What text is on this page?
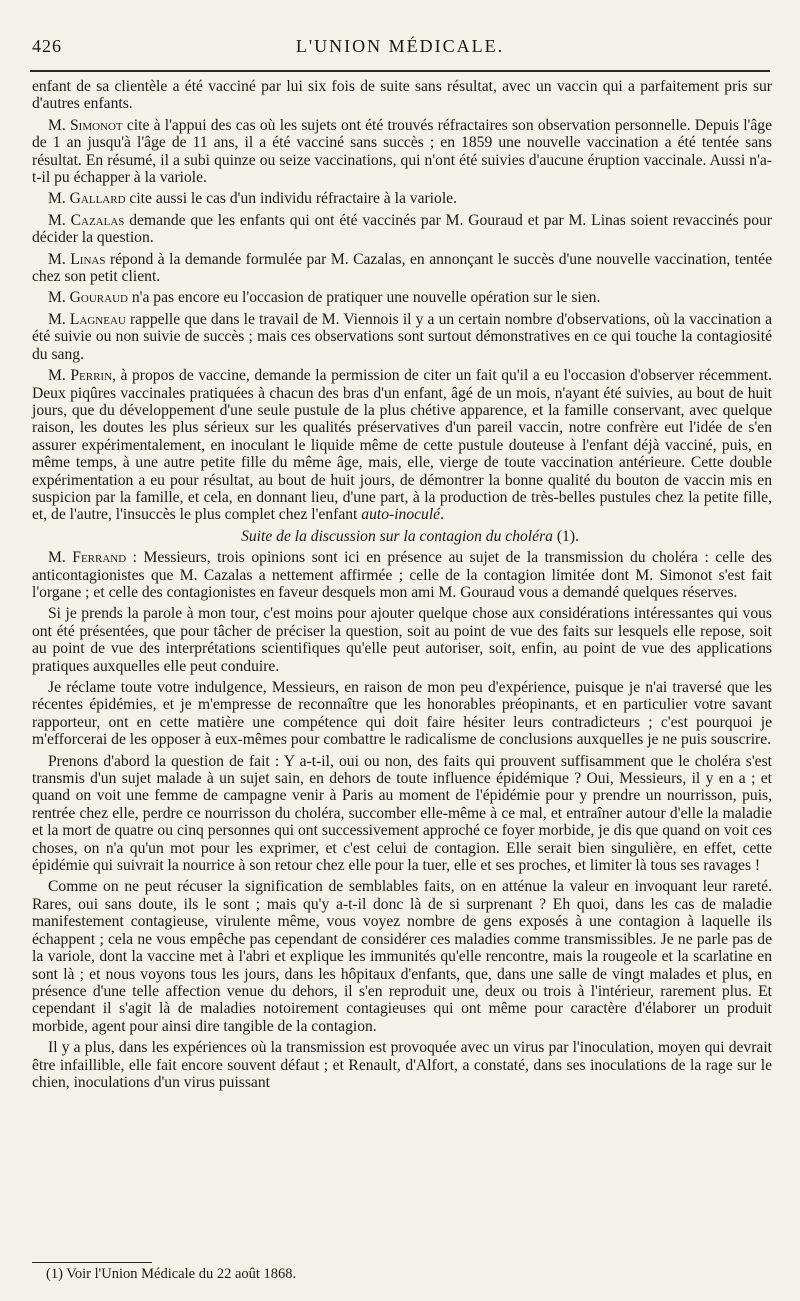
426	L'UNION MÉDICALE.

enfant de sa clientèle a été vacciné par lui six fois de suite sans résultat, avec un vaccin qui a parfaitement pris sur d'autres enfants.

M. Simonot cite à l'appui des cas où les sujets ont été trouvés réfractaires son observation personnelle. Depuis l'âge de 1 an jusqu'à l'âge de 11 ans, il a été vacciné sans succès ; en 1859 une nouvelle vaccination a été tentée sans résultat. En résumé, il a subi quinze ou seize vaccinations, qui n'ont été suivies d'aucune éruption vaccinale. Aussi n'a-t-il pu échapper à la variole.

M. Gallard cite aussi le cas d'un individu réfractaire à la variole.

M. Cazalas demande que les enfants qui ont été vaccinés par M. Gouraud et par M. Linas soient revaccinés pour décider la question.

M. Linas répond à la demande formulée par M. Cazalas, en annonçant le succès d'une nouvelle vaccination, tentée chez son petit client.

M. Gouraud n'a pas encore eu l'occasion de pratiquer une nouvelle opération sur le sien.

M. Lagneau rappelle que dans le travail de M. Viennois il y a un certain nombre d'observations, où la vaccination a été suivie ou non suivie de succès ; mais ces observations sont surtout démonstratives en ce qui touche la contagiosité du sang.

M. Perrin, à propos de vaccine, demande la permission de citer un fait qu'il a eu l'occasion d'observer récemment. Deux piqûres vaccinales pratiquées à chacun des bras d'un enfant, âgé de un mois, n'ayant été suivies, au bout de huit jours, que du développement d'une seule pustule de la plus chétive apparence, et la famille conservant, avec quelque raison, les doutes les plus sérieux sur les qualités préservatives d'un pareil vaccin, notre confrère eut l'idée de s'en assurer expérimentalement, en inoculant le liquide même de cette pustule douteuse à l'enfant déjà vacciné, puis, en même temps, à une autre petite fille du même âge, mais, elle, vierge de toute vaccination antérieure. Cette double expérimentation a eu pour résultat, au bout de huit jours, de démontrer la bonne qualité du bouton de vaccin mis en suspicion par la famille, et cela, en donnant lieu, d'une part, à la production de très-belles pustules chez la petite fille, et, de l'autre, l'insuccès le plus complet chez l'enfant auto-inoculé.

Suite de la discussion sur la contagion du choléra (1).

M. Ferrand : Messieurs, trois opinions sont ici en présence au sujet de la transmission du choléra : celle des anticontagionistes que M. Cazalas a nettement affirmée ; celle de la contagion limitée dont M. Simonot s'est fait l'organe ; et celle des contagionistes en faveur desquels mon ami M. Gouraud vous a demandé quelques réserves.

Si je prends la parole à mon tour, c'est moins pour ajouter quelque chose aux considérations intéressantes qui vous ont été présentées, que pour tâcher de préciser la question, soit au point de vue des faits sur lesquels elle repose, soit au point de vue des interprétations scientifiques qu'elle peut autoriser, soit, enfin, au point de vue des applications pratiques auxquelles elle peut conduire.

Je réclame toute votre indulgence, Messieurs, en raison de mon peu d'expérience, puisque je n'ai traversé que les récentes épidémies, et je m'empresse de reconnaître que les honorables préopinants, et en particulier votre savant rapporteur, ont en cette matière une compétence qui doit faire hésiter leurs contradicteurs ; c'est pourquoi je m'efforcerai de les opposer à eux-mêmes pour combattre le radicalisme de conclusions auxquelles je ne puis souscrire.

Prenons d'abord la question de fait : Y a-t-il, oui ou non, des faits qui prouvent suffisamment que le choléra s'est transmis d'un sujet malade à un sujet sain, en dehors de toute influence épidémique ? Oui, Messieurs, il y en a ; et quand on voit une femme de campagne venir à Paris au moment de l'épidémie pour y prendre un nourrisson, puis, rentrée chez elle, perdre ce nourrisson du choléra, succomber elle-même à ce mal, et entraîner autour d'elle la maladie et la mort de quatre ou cinq personnes qui ont successivement approché ce foyer morbide, je dis que quand on voit ces choses, on n'a qu'un mot pour les exprimer, et c'est celui de contagion. Elle serait bien singulière, en effet, cette épidémie qui suivrait la nourrice à son retour chez elle pour la tuer, elle et ses proches, et limiter là tous ses ravages !

Comme on ne peut récuser la signification de semblables faits, on en atténue la valeur en invoquant leur rareté. Rares, oui sans doute, ils le sont ; mais qu'y a-t-il donc là de si surprenant ? Eh quoi, dans les cas de maladie manifestement contagieuse, virulente même, vous voyez nombre de gens exposés à une contagion à laquelle ils échappent ; cela ne vous empêche pas cependant de considérer ces maladies comme transmissibles. Je ne parle pas de la variole, dont la vaccine met à l'abri et explique les immunités qu'elle rencontre, mais la rougeole et la scarlatine en sont là ; et nous voyons tous les jours, dans les hôpitaux d'enfants, que, dans une salle de vingt malades et plus, en présence d'une telle affection venue du dehors, il s'en reproduit une, deux ou trois à l'intérieur, rarement plus. Et cependant il s'agit là de maladies notoirement contagieuses qui ont même pour caractère d'élaborer un produit morbide, agent pour ainsi dire tangible de la contagion.

Il y a plus, dans les expériences où la transmission est provoquée avec un virus par l'inoculation, moyen qui devrait être infaillible, elle fait encore souvent défaut ; et Renault, d'Alfort, a constaté, dans ses inoculations de la rage sur le chien, inoculations d'un virus puissant

(1) Voir l'Union Médicale du 22 août 1868.
